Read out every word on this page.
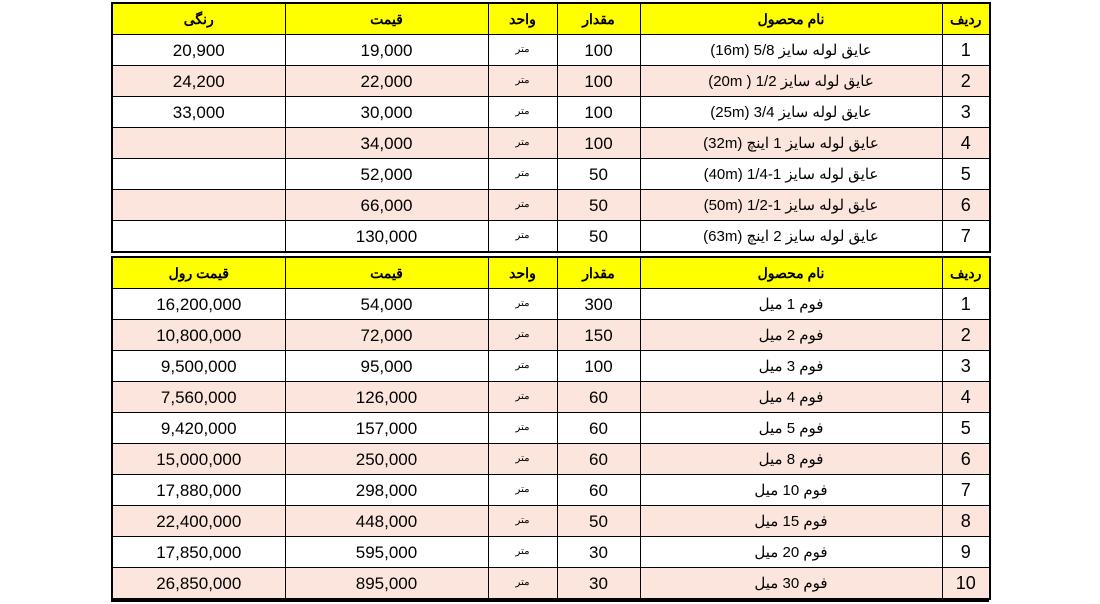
ردیف	نام محصول	مقدار	واحد	قیمت	رنگی
1	عایق لوله سایز 5/8 (16m)	100	متر	19,000	20,900
2	عایق لوله سایز 1/2 ( 20m)	100	متر	22,000	24,200
3	عایق لوله سایز 3/4 (25m)	100	متر	30,000	33,000
4	عایق لوله سایز 1 اینچ (32m)	100	متر	34,000	
5	عایق لوله سایز 1-1/4 (40m)	50	متر	52,000	
6	عایق لوله سایز 1-1/2 (50m)	50	متر	66,000	
7	عایق لوله سایز 2 اینچ (63m)	50	متر	130,000	
ردیف	نام محصول	مقدار	واحد	قیمت	قیمت رول
1	فوم 1 میل	300	متر	54,000	16,200,000
2	فوم 2 میل	150	متر	72,000	10,800,000
3	فوم 3 میل	100	متر	95,000	9,500,000
4	فوم 4 میل	60	متر	126,000	7,560,000
5	فوم 5 میل	60	متر	157,000	9,420,000
6	فوم 8 میل	60	متر	250,000	15,000,000
7	فوم 10 میل	60	متر	298,000	17,880,000
8	فوم 15 میل	50	متر	448,000	22,400,000
9	فوم 20 میل	30	متر	595,000	17,850,000
10	فوم 30 میل	30	متر	895,000	26,850,000
